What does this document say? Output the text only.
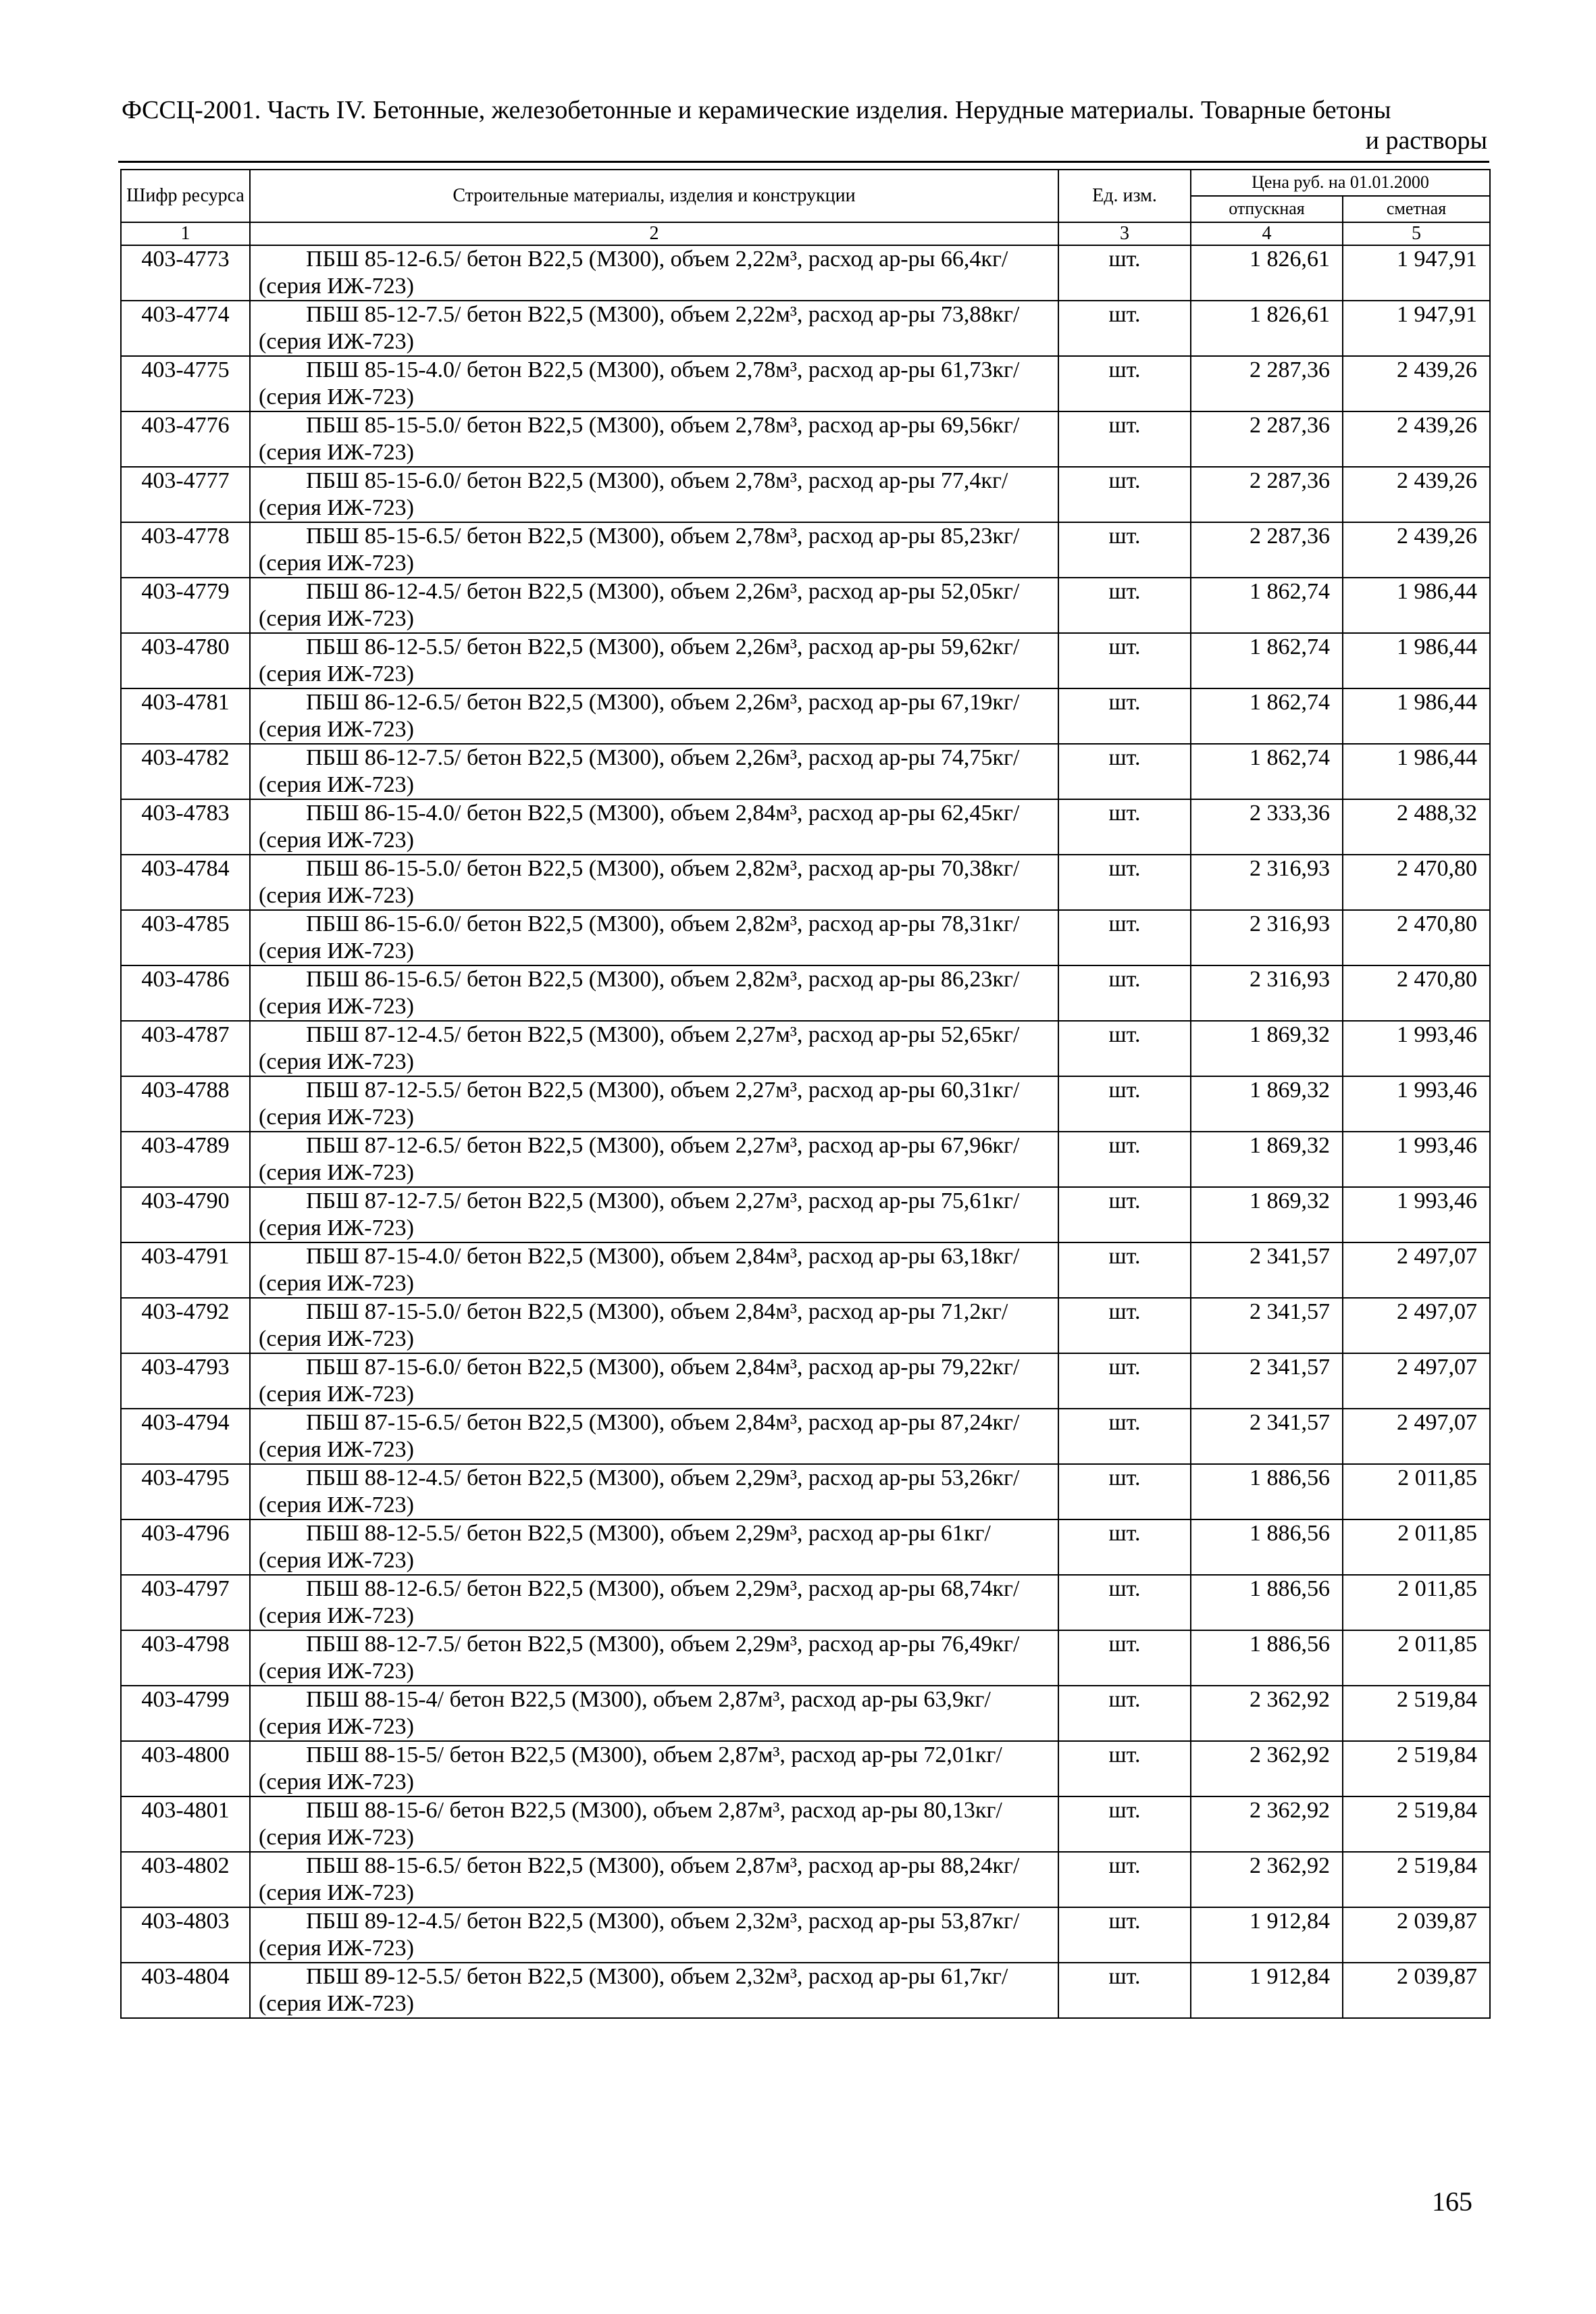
ФССЦ-2001. Часть IV. Бетонные, железобетонные и керамические изделия. Нерудные материалы. Товарные бетоны
и растворы
Шифр ресурса	Строительные материалы, изделия и конструкции	Ед. изм.	Цена руб. на 01.01.2000	
			отпускная	сметная
1	2	3	4	5
403-4773	ПБШ 85-12-6.5/ бетон В22,5 (М300), объем 2,22м³, расход ар-ры 66,4кг/ (серия ИЖ-723)	шт.	1 826,61	1 947,91
403-4774	ПБШ 85-12-7.5/ бетон В22,5 (М300), объем 2,22м³, расход ар-ры 73,88кг/ (серия ИЖ-723)	шт.	1 826,61	1 947,91
403-4775	ПБШ 85-15-4.0/ бетон В22,5 (М300), объем 2,78м³, расход ар-ры 61,73кг/ (серия ИЖ-723)	шт.	2 287,36	2 439,26
403-4776	ПБШ 85-15-5.0/ бетон В22,5 (М300), объем 2,78м³, расход ар-ры 69,56кг/ (серия ИЖ-723)	шт.	2 287,36	2 439,26
403-4777	ПБШ 85-15-6.0/ бетон В22,5 (М300), объем 2,78м³, расход ар-ры 77,4кг/ (серия ИЖ-723)	шт.	2 287,36	2 439,26
403-4778	ПБШ 85-15-6.5/ бетон В22,5 (М300), объем 2,78м³, расход ар-ры 85,23кг/ (серия ИЖ-723)	шт.	2 287,36	2 439,26
403-4779	ПБШ 86-12-4.5/ бетон В22,5 (М300), объем 2,26м³, расход ар-ры 52,05кг/ (серия ИЖ-723)	шт.	1 862,74	1 986,44
403-4780	ПБШ 86-12-5.5/ бетон В22,5 (М300), объем 2,26м³, расход ар-ры 59,62кг/ (серия ИЖ-723)	шт.	1 862,74	1 986,44
403-4781	ПБШ 86-12-6.5/ бетон В22,5 (М300), объем 2,26м³, расход ар-ры 67,19кг/ (серия ИЖ-723)	шт.	1 862,74	1 986,44
403-4782	ПБШ 86-12-7.5/ бетон В22,5 (М300), объем 2,26м³, расход ар-ры 74,75кг/ (серия ИЖ-723)	шт.	1 862,74	1 986,44
403-4783	ПБШ 86-15-4.0/ бетон В22,5 (М300), объем 2,84м³, расход ар-ры 62,45кг/ (серия ИЖ-723)	шт.	2 333,36	2 488,32
403-4784	ПБШ 86-15-5.0/ бетон В22,5 (М300), объем 2,82м³, расход ар-ры 70,38кг/ (серия ИЖ-723)	шт.	2 316,93	2 470,80
403-4785	ПБШ 86-15-6.0/ бетон В22,5 (М300), объем 2,82м³, расход ар-ры 78,31кг/ (серия ИЖ-723)	шт.	2 316,93	2 470,80
403-4786	ПБШ 86-15-6.5/ бетон В22,5 (М300), объем 2,82м³, расход ар-ры 86,23кг/ (серия ИЖ-723)	шт.	2 316,93	2 470,80
403-4787	ПБШ 87-12-4.5/ бетон В22,5 (М300), объем 2,27м³, расход ар-ры 52,65кг/ (серия ИЖ-723)	шт.	1 869,32	1 993,46
403-4788	ПБШ 87-12-5.5/ бетон В22,5 (М300), объем 2,27м³, расход ар-ры 60,31кг/ (серия ИЖ-723)	шт.	1 869,32	1 993,46
403-4789	ПБШ 87-12-6.5/ бетон В22,5 (М300), объем 2,27м³, расход ар-ры 67,96кг/ (серия ИЖ-723)	шт.	1 869,32	1 993,46
403-4790	ПБШ 87-12-7.5/ бетон В22,5 (М300), объем 2,27м³, расход ар-ры 75,61кг/ (серия ИЖ-723)	шт.	1 869,32	1 993,46
403-4791	ПБШ 87-15-4.0/ бетон В22,5 (М300), объем 2,84м³, расход ар-ры 63,18кг/ (серия ИЖ-723)	шт.	2 341,57	2 497,07
403-4792	ПБШ 87-15-5.0/ бетон В22,5 (М300), объем 2,84м³, расход ар-ры 71,2кг/ (серия ИЖ-723)	шт.	2 341,57	2 497,07
403-4793	ПБШ 87-15-6.0/ бетон В22,5 (М300), объем 2,84м³, расход ар-ры 79,22кг/ (серия ИЖ-723)	шт.	2 341,57	2 497,07
403-4794	ПБШ 87-15-6.5/ бетон В22,5 (М300), объем 2,84м³, расход ар-ры 87,24кг/ (серия ИЖ-723)	шт.	2 341,57	2 497,07
403-4795	ПБШ 88-12-4.5/ бетон В22,5 (М300), объем 2,29м³, расход ар-ры 53,26кг/ (серия ИЖ-723)	шт.	1 886,56	2 011,85
403-4796	ПБШ 88-12-5.5/ бетон В22,5 (М300), объем 2,29м³, расход ар-ры 61кг/ (серия ИЖ-723)	шт.	1 886,56	2 011,85
403-4797	ПБШ 88-12-6.5/ бетон В22,5 (М300), объем 2,29м³, расход ар-ры 68,74кг/ (серия ИЖ-723)	шт.	1 886,56	2 011,85
403-4798	ПБШ 88-12-7.5/ бетон В22,5 (М300), объем 2,29м³, расход ар-ры 76,49кг/ (серия ИЖ-723)	шт.	1 886,56	2 011,85
403-4799	ПБШ 88-15-4/ бетон В22,5 (М300), объем 2,87м³, расход ар-ры 63,9кг/ (серия ИЖ-723)	шт.	2 362,92	2 519,84
403-4800	ПБШ 88-15-5/ бетон В22,5 (М300), объем 2,87м³, расход ар-ры 72,01кг/ (серия ИЖ-723)	шт.	2 362,92	2 519,84
403-4801	ПБШ 88-15-6/ бетон В22,5 (М300), объем 2,87м³, расход ар-ры 80,13кг/ (серия ИЖ-723)	шт.	2 362,92	2 519,84
403-4802	ПБШ 88-15-6.5/ бетон В22,5 (М300), объем 2,87м³, расход ар-ры 88,24кг/ (серия ИЖ-723)	шт.	2 362,92	2 519,84
403-4803	ПБШ 89-12-4.5/ бетон В22,5 (М300), объем 2,32м³, расход ар-ры 53,87кг/ (серия ИЖ-723)	шт.	1 912,84	2 039,87
403-4804	ПБШ 89-12-5.5/ бетон В22,5 (М300), объем 2,32м³, расход ар-ры 61,7кг/ (серия ИЖ-723)	шт.	1 912,84	2 039,87
165
